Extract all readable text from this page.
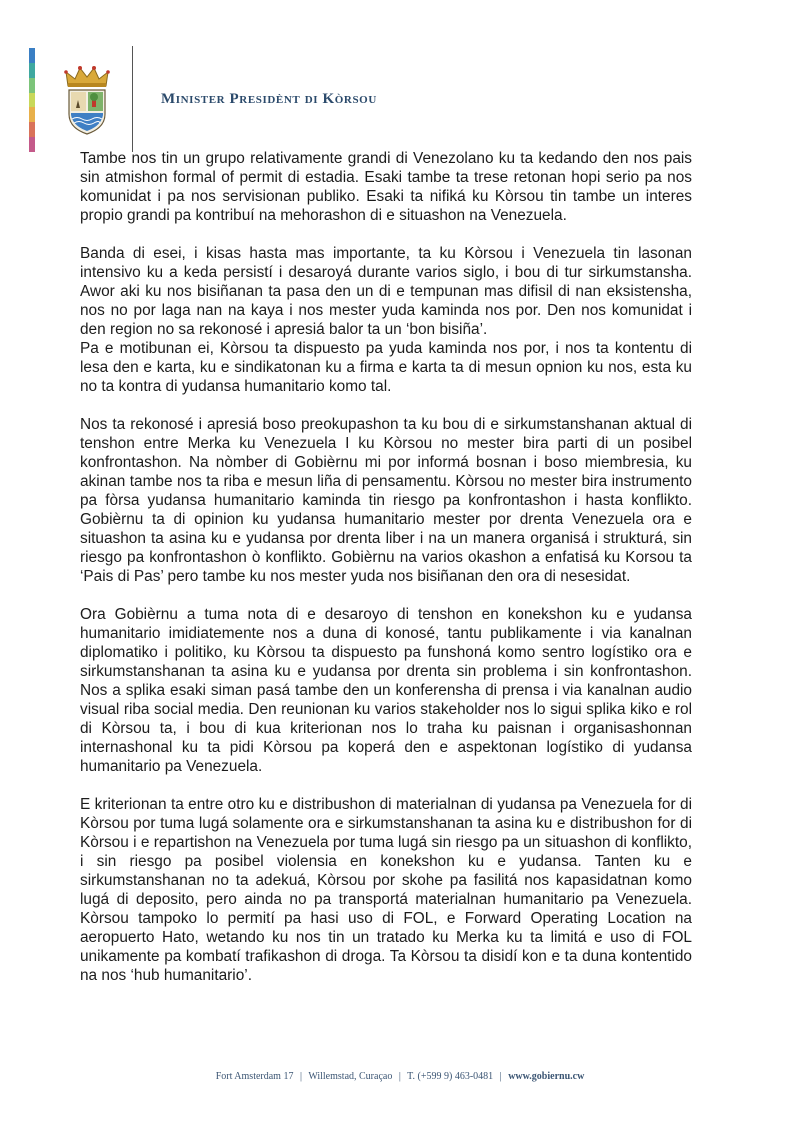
Minister Presidènt di Kòrsou

Tambe nos tin un grupo relativamente grandi di Venezolano ku ta kedando den nos pais sin atmishon formal of permit di estadia. Esaki tambe ta trese retonan hopi serio pa nos komunidat i pa nos servisionan publiko. Esaki ta nifiká ku Kòrsou tin tambe un interes propio grandi pa kontribuí na mehorashon di e situashon na Venezuela.

Banda di esei, i kisas hasta mas importante, ta ku Kòrsou i Venezuela tin lasonan intensivo ku a keda persistí i desaroyá durante varios siglo, i bou di tur sirkumstansha. Awor aki ku nos bisiñanan ta pasa den un di e tempunan mas difisil di nan eksistensha, nos no por laga nan na kaya i nos mester yuda kaminda nos por. Den nos komunidat i den region no sa rekonosé i apresiá balor ta un ‘bon bisiña’.

Pa e motibunan ei, Kòrsou ta dispuesto pa yuda kaminda nos por, i nos ta kontentu di lesa den e karta, ku e sindikatonan ku a firma e karta ta di mesun opnion ku nos, esta ku no ta kontra di yudansa humanitario komo tal.

Nos ta rekonosé i apresiá boso preokupashon ta ku bou di e sirkumstanshanan aktual di tenshon entre Merka ku Venezuela I ku Kòrsou no mester bira parti di un posibel konfrontashon. Na nòmber di Gobièrnu mi por informá bosnan i boso miembresia, ku akinan tambe nos ta riba e mesun liña di pensamentu. Kòrsou no mester bira instrumento pa fòrsa yudansa humanitario kaminda tin riesgo pa konfrontashon i hasta konflikto. Gobièrnu ta di opinion ku yudansa humanitario mester por drenta Venezuela ora e situashon ta asina ku e yudansa por drenta liber i na un manera organisá i strukturá, sin riesgo pa konfrontashon ò konflikto. Gobièrnu na varios okashon a enfatisá ku Korsou ta ‘Pais di Pas’ pero tambe ku nos mester yuda nos bisiñanan den ora di nesesidat.

Ora Gobièrnu a tuma nota di e desaroyo di tenshon en konekshon ku e yudansa humanitario imidiatemente nos a duna di konosé, tantu publikamente i via kanalnan diplomatiko i politiko, ku Kòrsou ta dispuesto pa funshoná komo sentro logístiko ora e sirkumstanshanan ta asina ku e yudansa por drenta sin problema i sin konfrontashon. Nos a splika esaki siman pasá tambe den un konferensha di prensa i via kanalnan audio visual riba social media. Den reunionan ku varios stakeholder nos lo sigui splika kiko e rol di Kòrsou ta, i bou di kua kriterionan nos lo traha ku paisnan i organisashonnan internashonal ku ta pidi Kòrsou pa koperá den e aspektonan logístiko di yudansa humanitario pa Venezuela.

E kriterionan ta entre otro ku e distribushon di materialnan di yudansa pa Venezuela for di Kòrsou por tuma lugá solamente ora e sirkumstanshanan ta asina ku e distribushon for di Kòrsou i e repartishon na Venezuela por tuma lugá sin riesgo pa un situashon di konflikto, i sin riesgo pa posibel violensia en konekshon ku e yudansa. Tanten ku e sirkumstanshanan no ta adekuá, Kòrsou por skohe pa fasilitá nos kapasidatnan komo lugá di deposito, pero ainda no pa transportá materialnan humanitario pa Venezuela. Kòrsou tampoko lo permití pa hasi uso di FOL, e Forward Operating Location na aeropuerto Hato, wetando ku nos tin un tratado ku Merka ku ta limitá e uso di FOL unikamente pa kombatí trafikashon di droga. Ta Kòrsou ta disidí kon e ta duna kontentido na nos ‘hub humanitario’.

Fort Amsterdam 17 | Willemstad, Curaçao | T. (+599 9) 463-0481 | www.gobiernu.cw
